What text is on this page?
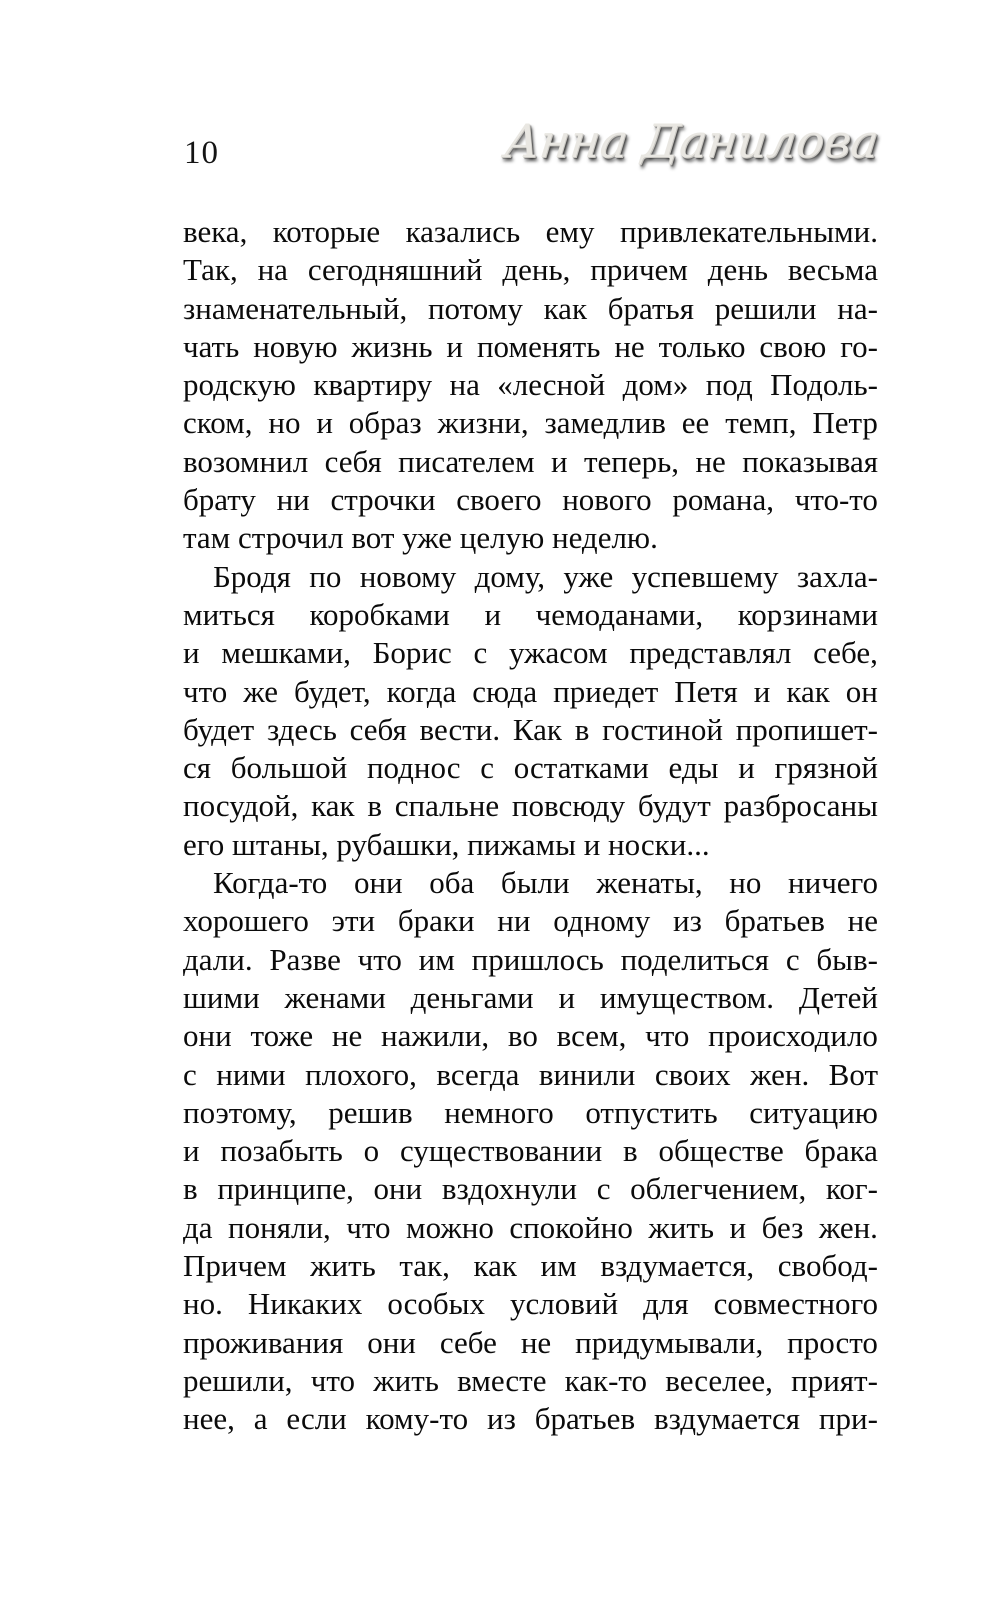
10	Анна Данилова
века, которые казались ему привлекательными.
Так, на сегодняшний день, причем день весьма
знаменательный, потому как братья решили на-
чать новую жизнь и поменять не только свою го-
родскую квартиру на «лесной дом» под Подоль-
ском, но и образ жизни, замедлив ее темп, Петр
возомнил себя писателем и теперь, не показывая
брату ни строчки своего нового романа, что-то
там строчил вот уже целую неделю.
Бродя по новому дому, уже успевшему захла-
миться коробками и чемоданами, корзинами
и мешками, Борис с ужасом представлял себе,
что же будет, когда сюда приедет Петя и как он
будет здесь себя вести. Как в гостиной пропишет-
ся большой поднос с остатками еды и грязной
посудой, как в спальне повсюду будут разбросаны
его штаны, рубашки, пижамы и носки...
Когда-то они оба были женаты, но ничего
хорошего эти браки ни одному из братьев не
дали. Разве что им пришлось поделиться с быв-
шими женами деньгами и имуществом. Детей
они тоже не нажили, во всем, что происходило
с ними плохого, всегда винили своих жен. Вот
поэтому, решив немного отпустить ситуацию
и позабыть о существовании в обществе брака
в принципе, они вздохнули с облегчением, ког-
да поняли, что можно спокойно жить и без жен.
Причем жить так, как им вздумается, свобод-
но. Никаких особых условий для совместного
проживания они себе не придумывали, просто
решили, что жить вместе как-то веселее, прият-
нее, а если кому-то из братьев вздумается при-
